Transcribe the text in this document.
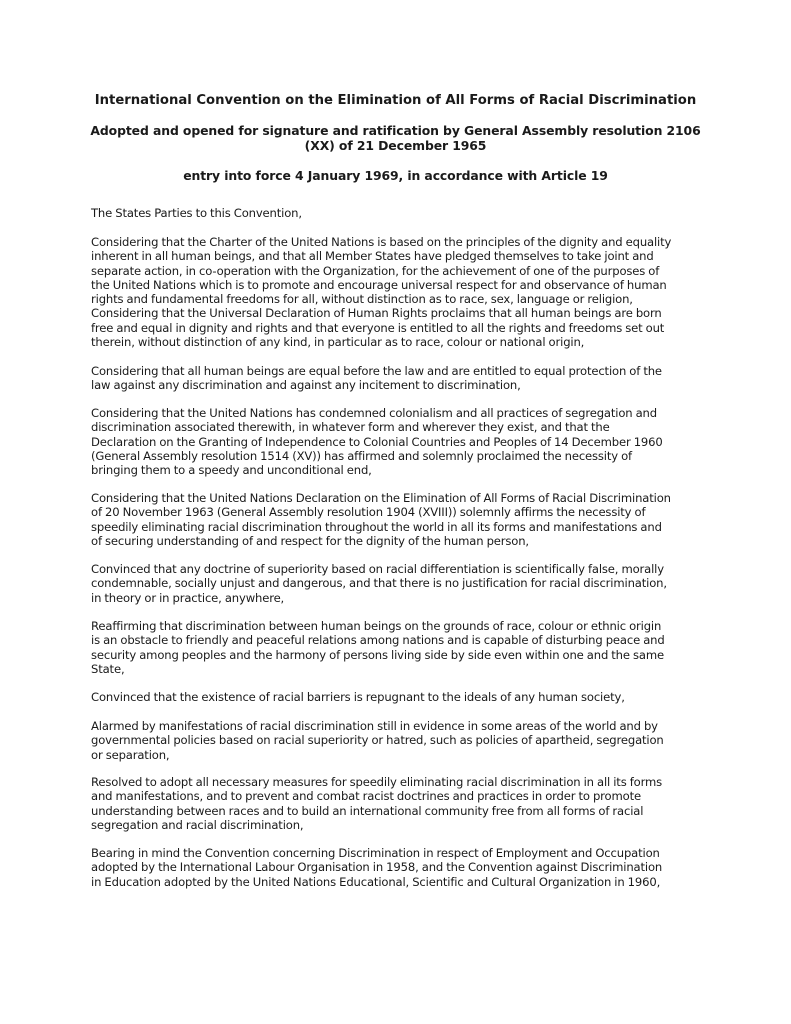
International Convention on the Elimination of All Forms of Racial Discrimination
Adopted and opened for signature and ratification by General Assembly resolution 2106
(XX) of 21 December 1965
entry into force 4 January 1969, in accordance with Article 19
The States Parties to this Convention,
Considering that the Charter of the United Nations is based on the principles of the dignity and equality
inherent in all human beings, and that all Member States have pledged themselves to take joint and
separate action, in co-operation with the Organization, for the achievement of one of the purposes of
the United Nations which is to promote and encourage universal respect for and observance of human
rights and fundamental freedoms for all, without distinction as to race, sex, language or religion,
Considering that the Universal Declaration of Human Rights proclaims that all human beings are born
free and equal in dignity and rights and that everyone is entitled to all the rights and freedoms set out
therein, without distinction of any kind, in particular as to race, colour or national origin,
Considering that all human beings are equal before the law and are entitled to equal protection of the
law against any discrimination and against any incitement to discrimination,
Considering that the United Nations has condemned colonialism and all practices of segregation and
discrimination associated therewith, in whatever form and wherever they exist, and that the
Declaration on the Granting of Independence to Colonial Countries and Peoples of 14 December 1960
(General Assembly resolution 1514 (XV)) has affirmed and solemnly proclaimed the necessity of
bringing them to a speedy and unconditional end,
Considering that the United Nations Declaration on the Elimination of All Forms of Racial Discrimination
of 20 November 1963 (General Assembly resolution 1904 (XVIII)) solemnly affirms the necessity of
speedily eliminating racial discrimination throughout the world in all its forms and manifestations and
of securing understanding of and respect for the dignity of the human person,
Convinced that any doctrine of superiority based on racial differentiation is scientifically false, morally
condemnable, socially unjust and dangerous, and that there is no justification for racial discrimination,
in theory or in practice, anywhere,
Reaffirming that discrimination between human beings on the grounds of race, colour or ethnic origin
is an obstacle to friendly and peaceful relations among nations and is capable of disturbing peace and
security among peoples and the harmony of persons living side by side even within one and the same
State,
Convinced that the existence of racial barriers is repugnant to the ideals of any human society,
Alarmed by manifestations of racial discrimination still in evidence in some areas of the world and by
governmental policies based on racial superiority or hatred, such as policies of apartheid, segregation
or separation,
Resolved to adopt all necessary measures for speedily eliminating racial discrimination in all its forms
and manifestations, and to prevent and combat racist doctrines and practices in order to promote
understanding between races and to build an international community free from all forms of racial
segregation and racial discrimination,
Bearing in mind the Convention concerning Discrimination in respect of Employment and Occupation
adopted by the International Labour Organisation in 1958, and the Convention against Discrimination
in Education adopted by the United Nations Educational, Scientific and Cultural Organization in 1960,
